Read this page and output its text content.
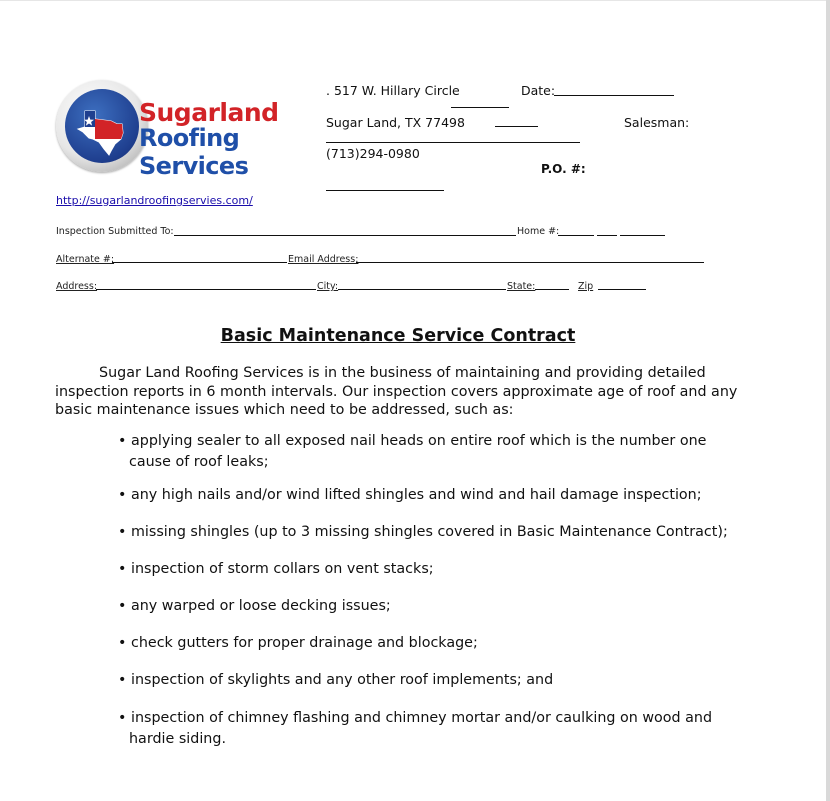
Sugarland
Roofing Services
. 517 W. Hillary Circle
Sugar Land, TX 77498
(713)294-0980
Date:
Salesman:
P.O. #:
http://sugarlandroofingservies.com/
Inspection Submitted To:	Home #:
Alternate #:	Email Address:
Address:	City:	State:	Zip
Basic Maintenance Service Contract
Sugar Land Roofing Services is in the business of maintaining and providing detailed inspection reports in 6 month intervals. Our inspection covers approximate age of roof and any basic maintenance issues which need to be addressed, such as:
• applying sealer to all exposed nail heads on entire roof which is the number one cause of roof leaks;
• any high nails and/or wind lifted shingles and wind and hail damage inspection;
• missing shingles (up to 3 missing shingles covered in Basic Maintenance Contract);
• inspection of storm collars on vent stacks;
• any warped or loose decking issues;
• check gutters for proper drainage and blockage;
• inspection of skylights and any other roof implements; and
• inspection of chimney flashing and chimney mortar and/or caulking on wood and hardie siding.
